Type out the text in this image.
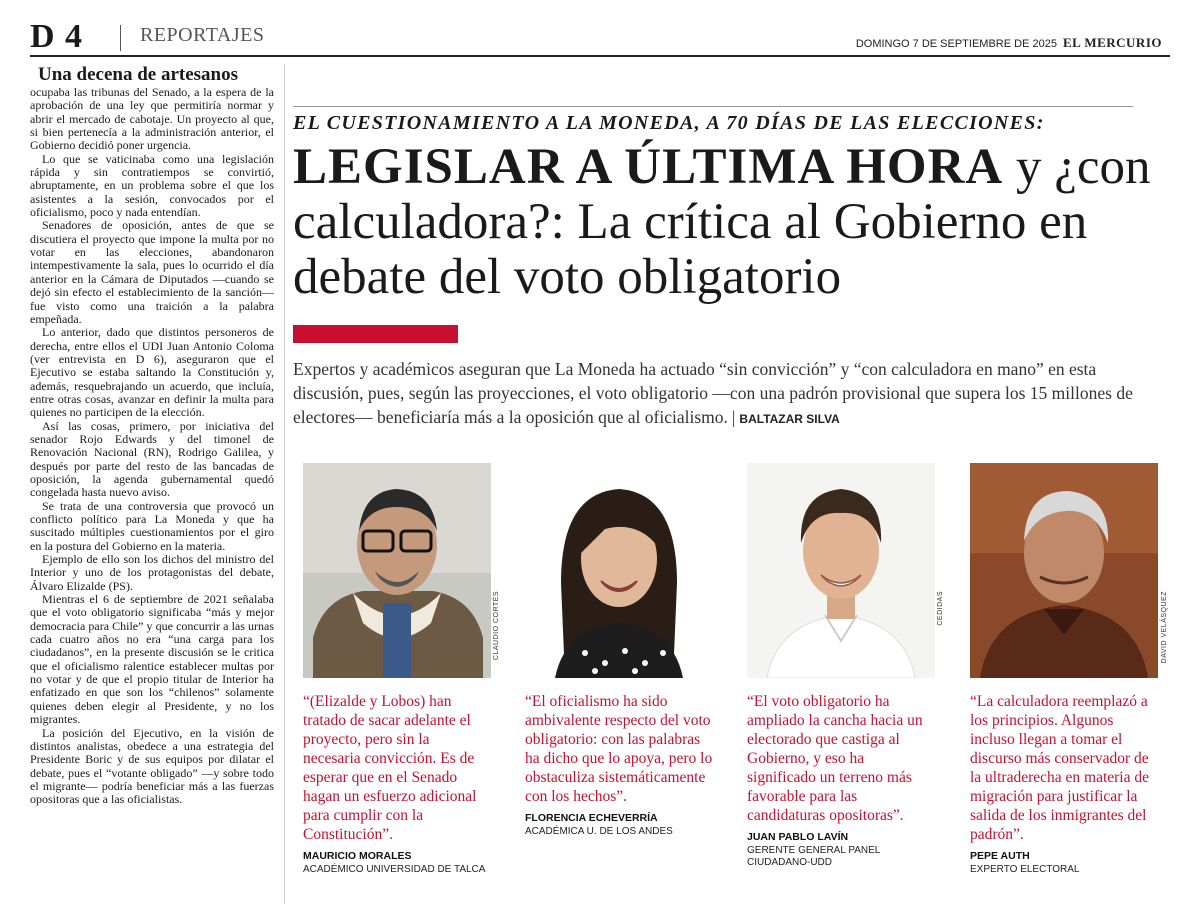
D 4	REPORTAJES	DOMINGO 7 DE SEPTIEMBRE DE 2025 EL MERCURIO
Una decena de artesanos

ocupaba las tribunas del Senado, a la espera de la aprobación de una ley que permitiría normar y abrir el mercado de cabotaje. Un proyecto al que, si bien pertenecía a la administración anterior, el Gobierno decidió poner urgencia.

Lo que se vaticinaba como una legislación rápida y sin contratiempos se convirtió, abruptamente, en un problema sobre el que los asistentes a la sesión, convocados por el oficialismo, poco y nada entendían.

Senadores de oposición, antes de que se discutiera el proyecto que impone la multa por no votar en las elecciones, abandonaron intempestivamente la sala, pues lo ocurrido el día anterior en la Cámara de Diputados —cuando se dejó sin efecto el establecimiento de la sanción— fue visto como una traición a la palabra empeñada.

Lo anterior, dado que distintos personeros de derecha, entre ellos el UDI Juan Antonio Coloma (ver entrevista en D 6), aseguraron que el Ejecutivo se estaba saltando la Constitución y, además, resquebrajando un acuerdo, que incluía, entre otras cosas, avanzar en definir la multa para quienes no participen de la elección.

Así las cosas, primero, por iniciativa del senador Rojo Edwards y del timonel de Renovación Nacional (RN), Rodrigo Galilea, y después por parte del resto de las bancadas de oposición, la agenda gubernamental quedó congelada hasta nuevo aviso.

Se trata de una controversia que provocó un conflicto político para La Moneda y que ha suscitado múltiples cuestionamientos por el giro en la postura del Gobierno en la materia.

Ejemplo de ello son los dichos del ministro del Interior y uno de los protagonistas del debate, Álvaro Elizalde (PS).

Mientras el 6 de septiembre de 2021 señalaba que el voto obligatorio significaba “más y mejor democracia para Chile” y que concurrir a las urnas cada cuatro años no era “una carga para los ciudadanos”, en la presente discusión se le critica que el oficialismo ralentice establecer multas por no votar y de que el propio titular de Interior ha enfatizado en que son los “chilenos” solamente quienes deben elegir al Presidente, y no los migrantes.

La posición del Ejecutivo, en la visión de distintos analistas, obedece a una estrategia del Presidente Boric y de sus equipos por dilatar el debate, pues el “votante obligado” —y sobre todo el migrante— podría beneficiar más a las fuerzas opositoras que a las oficialistas.

EL CUESTIONAMIENTO A LA MONEDA, A 70 DÍAS DE LAS ELECCIONES:
LEGISLAR A ÚLTIMA HORA y ¿con calculadora?: La crítica al Gobierno en debate del voto obligatorio
Expertos y académicos aseguran que La Moneda ha actuado “sin convicción” y “con calculadora en mano” en esta discusión, pues, según las proyecciones, el voto obligatorio —con una padrón provisional que supera los 15 millones de electores— beneficiaría más a la oposición que al oficialismo. | BALTAZAR SILVA
“(Elizalde y Lobos) han tratado de sacar adelante el proyecto, pero sin la necesaria convicción. Es de esperar que en el Senado hagan un esfuerzo adicional para cumplir con la Constitución”.
MAURICIO MORALES
ACADÉMICO UNIVERSIDAD DE TALCA
CLAUDIO CORTÉS
“El oficialismo ha sido ambivalente respecto del voto obligatorio: con las palabras ha dicho que lo apoya, pero lo obstaculiza sistemáticamente con los hechos”.
FLORENCIA ECHEVERRÍA
ACADÉMICA U. DE LOS ANDES
“El voto obligatorio ha ampliado la cancha hacia un electorado que castiga al Gobierno, y eso ha significado un terreno más favorable para las candidaturas opositoras”.
JUAN PABLO LAVÍN
GERENTE GENERAL PANEL CIUDADANO-UDD
CEDIDAS
“La calculadora reemplazó a los principios. Algunos incluso llegan a tomar el discurso más conservador de la ultraderecha en materia de migración para justificar la salida de los inmigrantes del padrón”.
PEPE AUTH
EXPERTO ELECTORAL
DAVID VELÁSQUEZ
